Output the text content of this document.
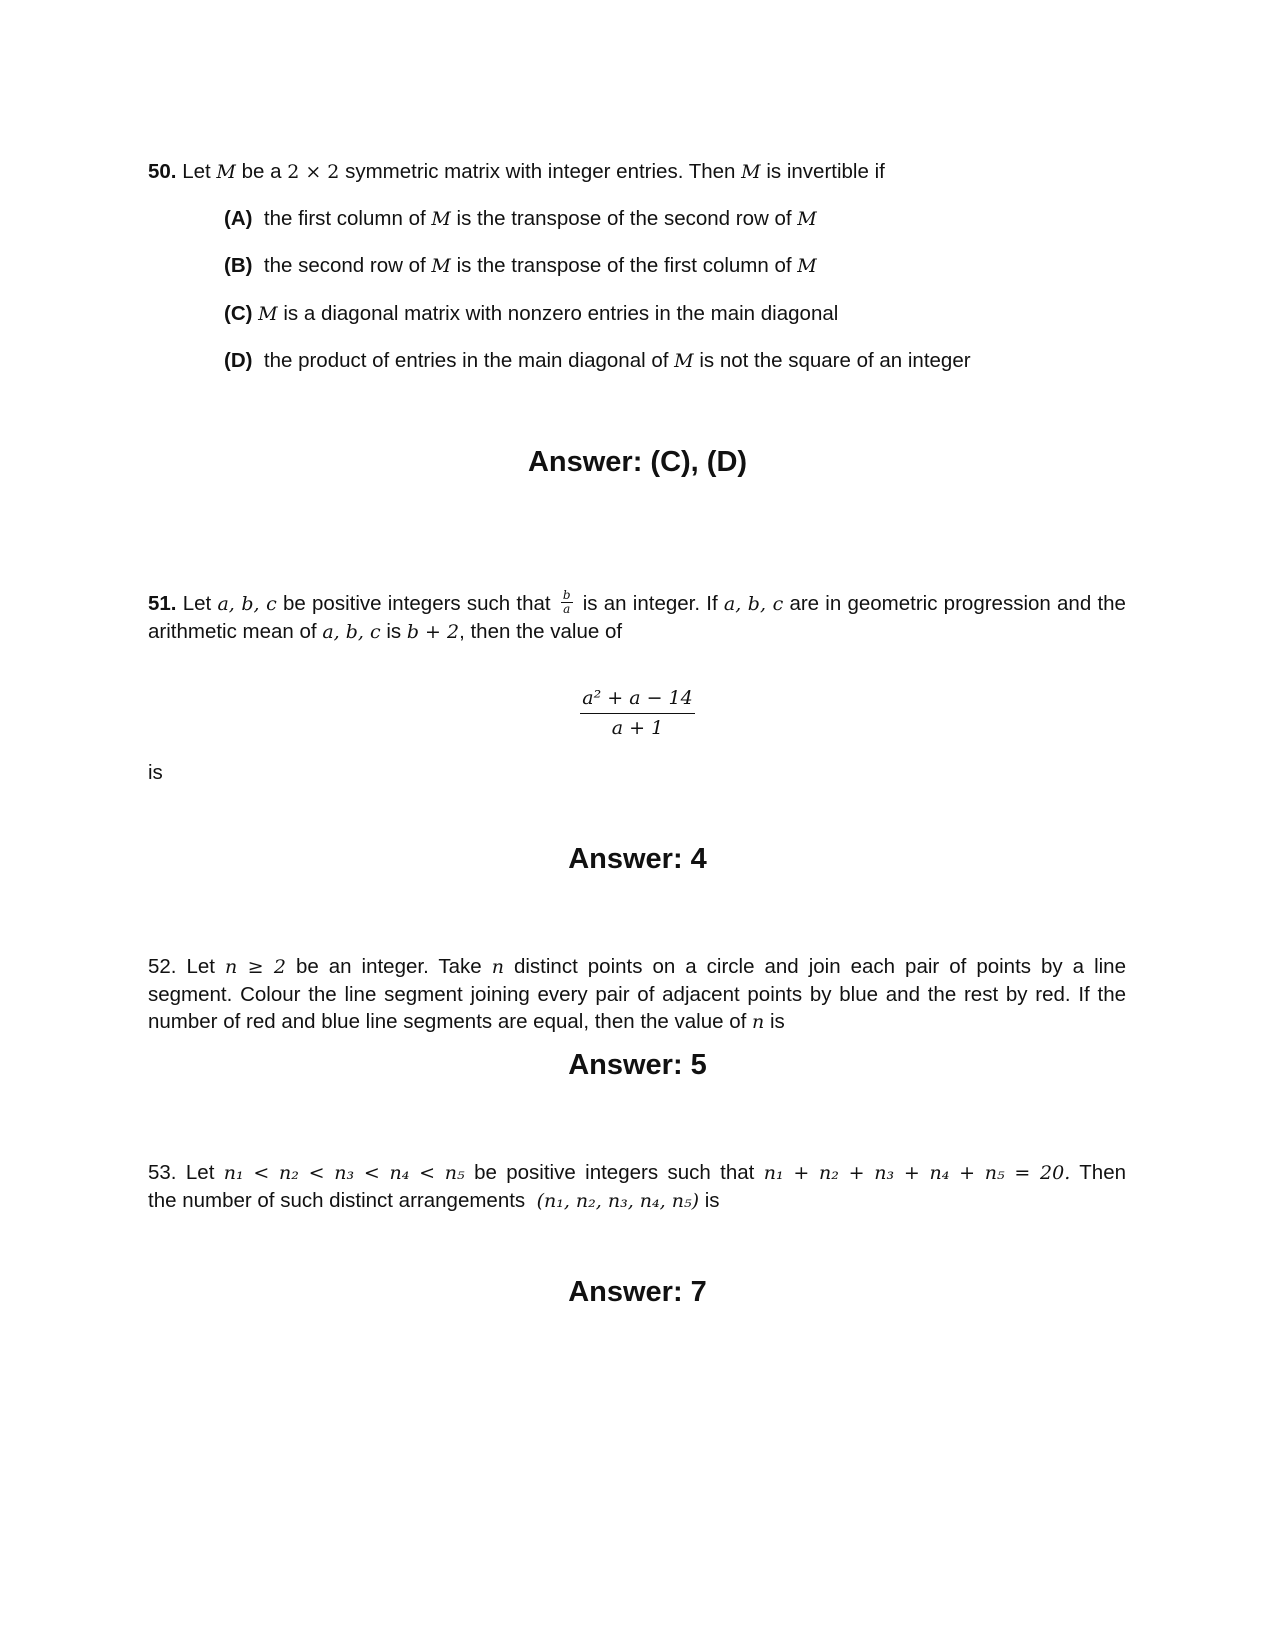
50. Let M be a 2 × 2 symmetric matrix with integer entries. Then M is invertible if
(A) the first column of M is the transpose of the second row of M
(B) the second row of M is the transpose of the first column of M
(C) M is a diagonal matrix with nonzero entries in the main diagonal
(D) the product of entries in the main diagonal of M is not the square of an integer
Answer: (C), (D)
51. Let a, b, c be positive integers such that $\frac{b}{a}$ is an integer. If a, b, c are in geometric progression and the
arithmetic mean of a, b, c is b + 2, then the value of
$\frac{\text{a² + a − 14}}{a + 1}$
is
Answer: 4
52. Let n ≥ 2 be an integer. Take n distinct points on a circle and join each pair of points by a line
segment. Colour the line segment joining every pair of adjacent points by blue and the rest by red. If the
number of red and blue line segments are equal, then the value of n is
Answer: 5
53. Let n₁ < n₂ < n₃ < n₄ < n₅ be positive integers such that n₁ + n₂ + n₃ + n₄ + n₅ = 20. Then
the number of such distinct arrangements (n₁, n₂, n₃, n₄, n₅) is
Answer: 7
